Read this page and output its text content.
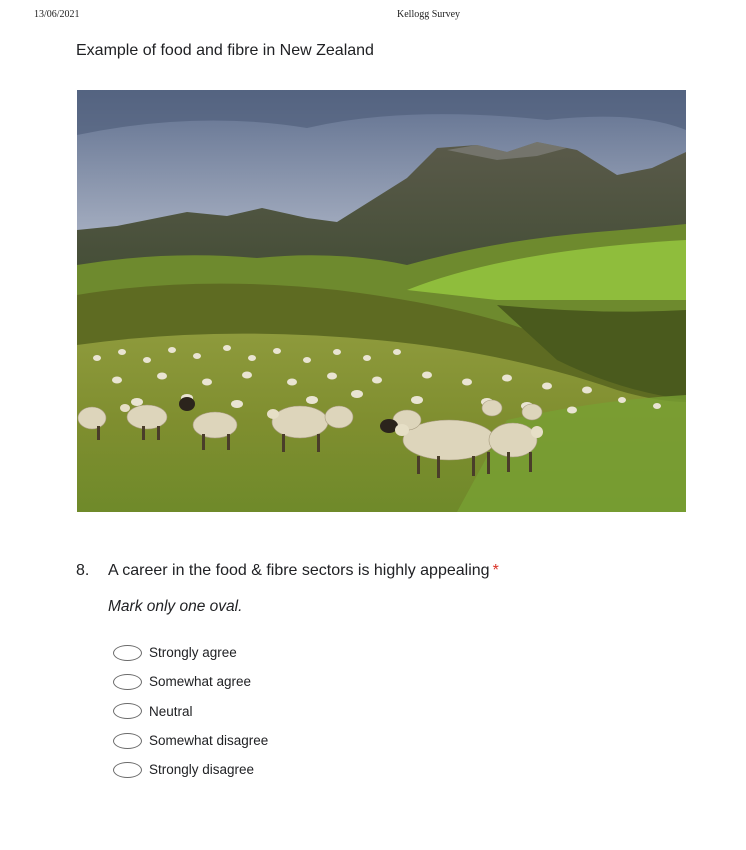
13/06/2021	Kellogg Survey
Example of food and fibre in New Zealand
8. A career in the food & fibre sectors is highly appealing *
Mark only one oval.
Strongly agree
Somewhat agree
Neutral
Somewhat disagree
Strongly disagree
